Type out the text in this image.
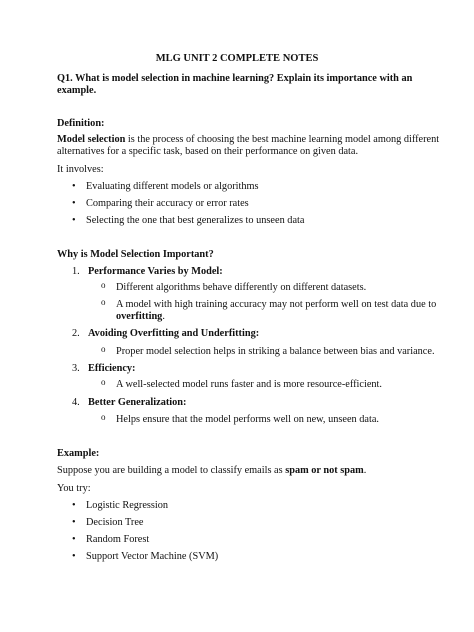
MLG UNIT 2 COMPLETE NOTES
Q1. What is model selection in machine learning? Explain its importance with an
example.
Definition:
Model selection is the process of choosing the best machine learning model among different
alternatives for a specific task, based on their performance on given data.
It involves:
• Evaluating different models or algorithms
• Comparing their accuracy or error rates
• Selecting the one that best generalizes to unseen data
Why is Model Selection Important?
1. Performance Varies by Model:
o Different algorithms behave differently on different datasets.
o A model with high training accuracy may not perform well on test data due to
overfitting.
2. Avoiding Overfitting and Underfitting:
o Proper model selection helps in striking a balance between bias and variance.
3. Efficiency:
o A well-selected model runs faster and is more resource-efficient.
4. Better Generalization:
o Helps ensure that the model performs well on new, unseen data.
Example:
Suppose you are building a model to classify emails as spam or not spam.
You try:
• Logistic Regression
• Decision Tree
• Random Forest
• Support Vector Machine (SVM)
